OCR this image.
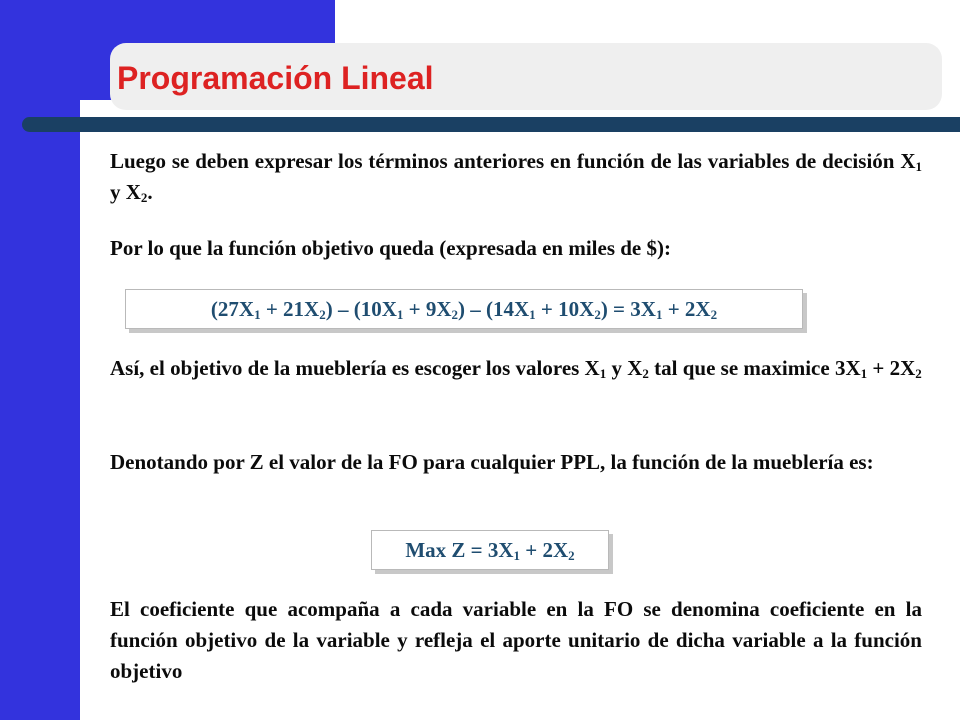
Programación Lineal

Luego se deben expresar los términos anteriores en función de las variables de decisión $X_1$ y $X_2$.

Por lo que la función objetivo queda (expresada en miles de $):

$(27X_1 + 21X_2) - (10X_1 + 9X_2) - (14X_1 + 10X_2) = 3X_1 + 2X_2$

Así, el objetivo de la mueblería es escoger los valores $X_1$ y $X_2$ tal que se maximice $3X_1 + 2X_2$

Denotando por Z el valor de la FO para cualquier PPL, la función de la mueblería es:

Max $Z = 3X_1 + 2X_2$

El coeficiente que acompaña a cada variable en la FO se denomina coeficiente en la función objetivo de la variable y refleja el aporte unitario de dicha variable a la función objetivo
